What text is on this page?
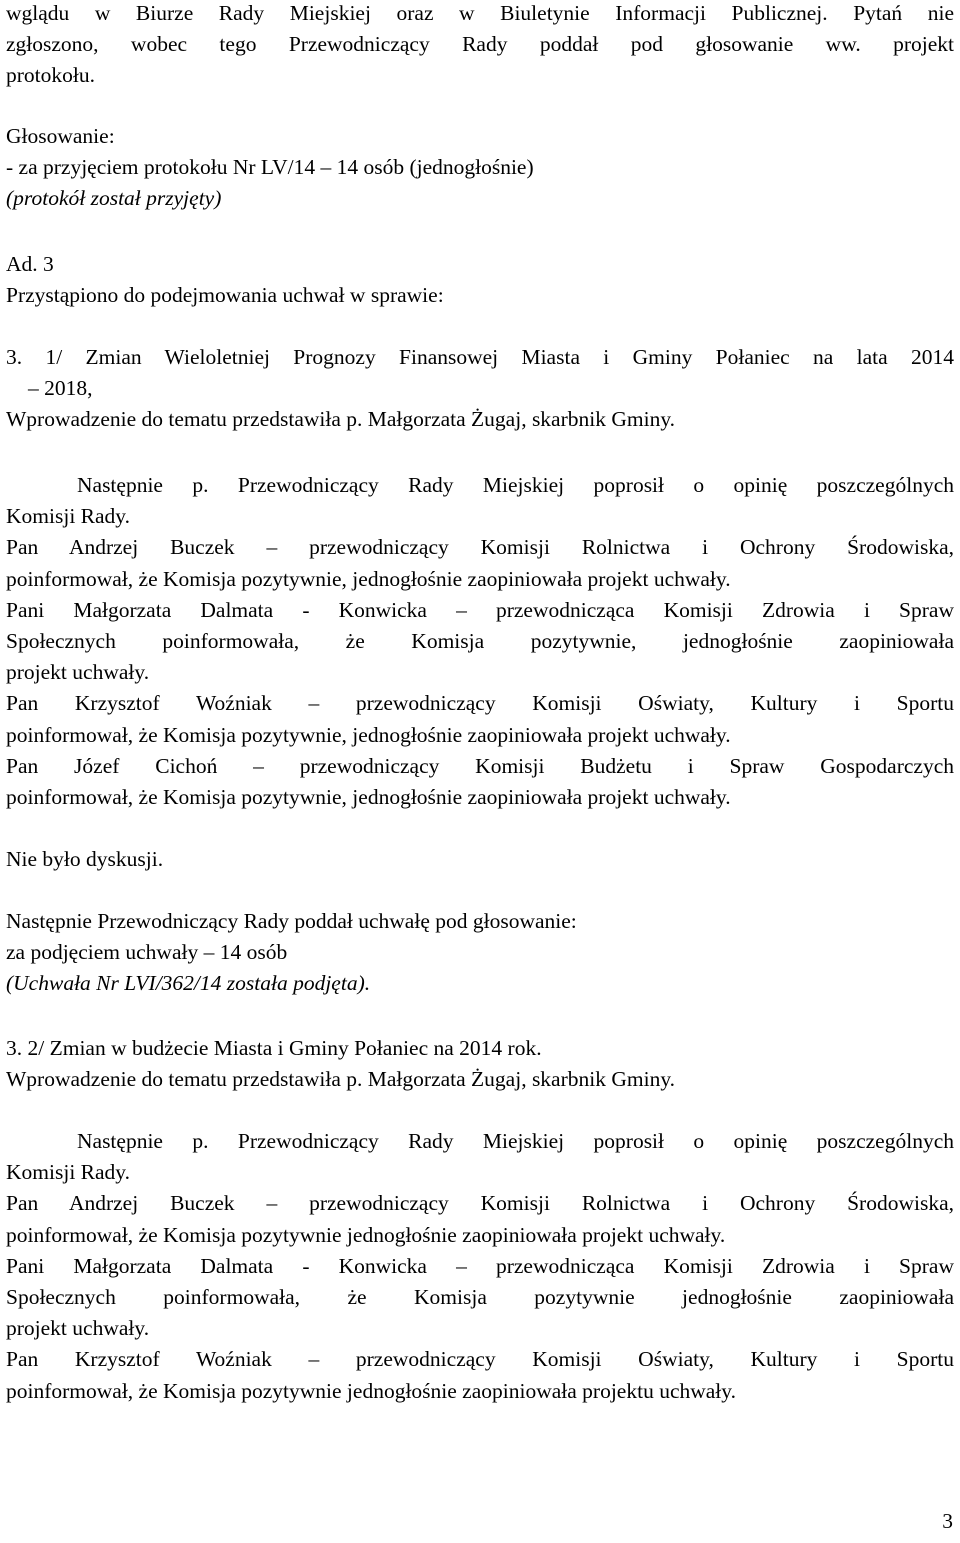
wglądu w Biurze Rady Miejskiej oraz w Biuletynie Informacji Publicznej. Pytań nie
zgłoszono, wobec tego Przewodniczący Rady poddał pod głosowanie ww. projekt
protokołu.
Głosowanie:
- za przyjęciem protokołu Nr LV/14 – 14 osób (jednogłośnie)
(protokół został przyjęty)
Ad. 3
Przystąpiono do podejmowania uchwał w sprawie:
3. 1/ Zmian Wieloletniej Prognozy Finansowej Miasta i Gminy Połaniec na lata 2014
– 2018,
Wprowadzenie do tematu przedstawiła p. Małgorzata Żugaj, skarbnik Gminy.
Następnie p. Przewodniczący Rady Miejskiej poprosił o opinię poszczególnych
Komisji Rady.
Pan Andrzej Buczek – przewodniczący Komisji Rolnictwa i Ochrony Środowiska,
poinformował, że Komisja pozytywnie, jednogłośnie zaopiniowała projekt uchwały.
Pani Małgorzata Dalmata - Konwicka – przewodnicząca Komisji Zdrowia i Spraw
Społecznych poinformowała, że Komisja pozytywnie, jednogłośnie zaopiniowała
projekt uchwały.
Pan Krzysztof Woźniak – przewodniczący Komisji Oświaty, Kultury i Sportu
poinformował, że Komisja pozytywnie, jednogłośnie zaopiniowała projekt uchwały.
Pan Józef Cichoń – przewodniczący Komisji Budżetu i Spraw Gospodarczych
poinformował, że Komisja pozytywnie, jednogłośnie zaopiniowała projekt uchwały.
Nie było dyskusji.
Następnie Przewodniczący Rady poddał uchwałę pod głosowanie:
za podjęciem uchwały – 14 osób
(Uchwała Nr LVI/362/14 została podjęta).
3. 2/ Zmian w budżecie Miasta i Gminy Połaniec na 2014 rok.
Wprowadzenie do tematu przedstawiła p. Małgorzata Żugaj, skarbnik Gminy.
Następnie p. Przewodniczący Rady Miejskiej poprosił o opinię poszczególnych
Komisji Rady.
Pan Andrzej Buczek – przewodniczący Komisji Rolnictwa i Ochrony Środowiska,
poinformował, że Komisja pozytywnie jednogłośnie zaopiniowała projekt uchwały.
Pani Małgorzata Dalmata - Konwicka – przewodnicząca Komisji Zdrowia i Spraw
Społecznych poinformowała, że Komisja pozytywnie jednogłośnie zaopiniowała
projekt uchwały.
Pan Krzysztof Woźniak – przewodniczący Komisji Oświaty, Kultury i Sportu
poinformował, że Komisja pozytywnie jednogłośnie zaopiniowała projektu uchwały.
3
